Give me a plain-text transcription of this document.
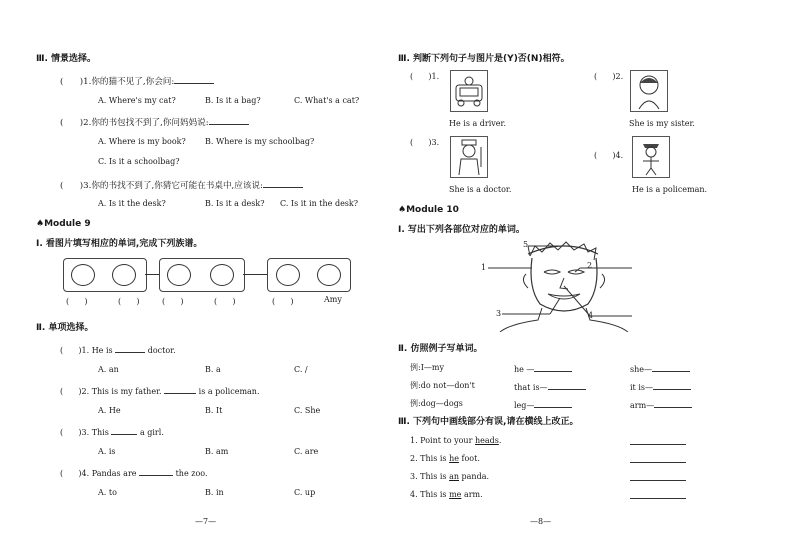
Ⅲ. 情景选择。
(      )1.你的猫不见了,你会问:
A. Where's my cat?	B. Is it a bag?	C. What's a cat?
(      )2.你的书包找不到了,你问妈妈说:
A. Where is my book? B. Where is my schoolbag?
C. Is it a schoolbag?
(      )3.你的书找不到了,你猜它可能在书桌中,应该说:
A. Is it the desk?	B. Is it a desk? C. Is it in the desk?
♠Module 9
Ⅰ. 看图片填写相应的单词,完成下列族谱。
(      )	(      )	(      )	(      )	(      )	Amy
Ⅱ. 单项选择。
(      )1. He is	doctor.
A. an	B. a	C. /
(      )2. This is my father.	is a policeman.
A. He	B. It	C. She
(      )3. This	a girl.
A. is	B. am	C. are
(      )4. Pandas are	the zoo.
A. to	B. in	C. up
—7—
Ⅲ. 判断下列句子与图片是(Y)否(N)相符。
(      )1.
He is a driver.
(      )2.
She is my sister.
(      )3.
She is a doctor.
(      )4.
He is a policeman.
♠Module 10
Ⅰ. 写出下列各部位对应的单词。
1
5
2
3	4
Ⅱ. 仿照例子写单词。
例:I—my	he —	she—
例:do not—don't	that is—	it is—
例:dog—dogs	leg—	arm—
Ⅲ. 下列句中画线部分有误,请在横线上改正。
1. Point to your heads.
2. This is he foot.
3. This is an panda.
4. This is me arm.
—8—
